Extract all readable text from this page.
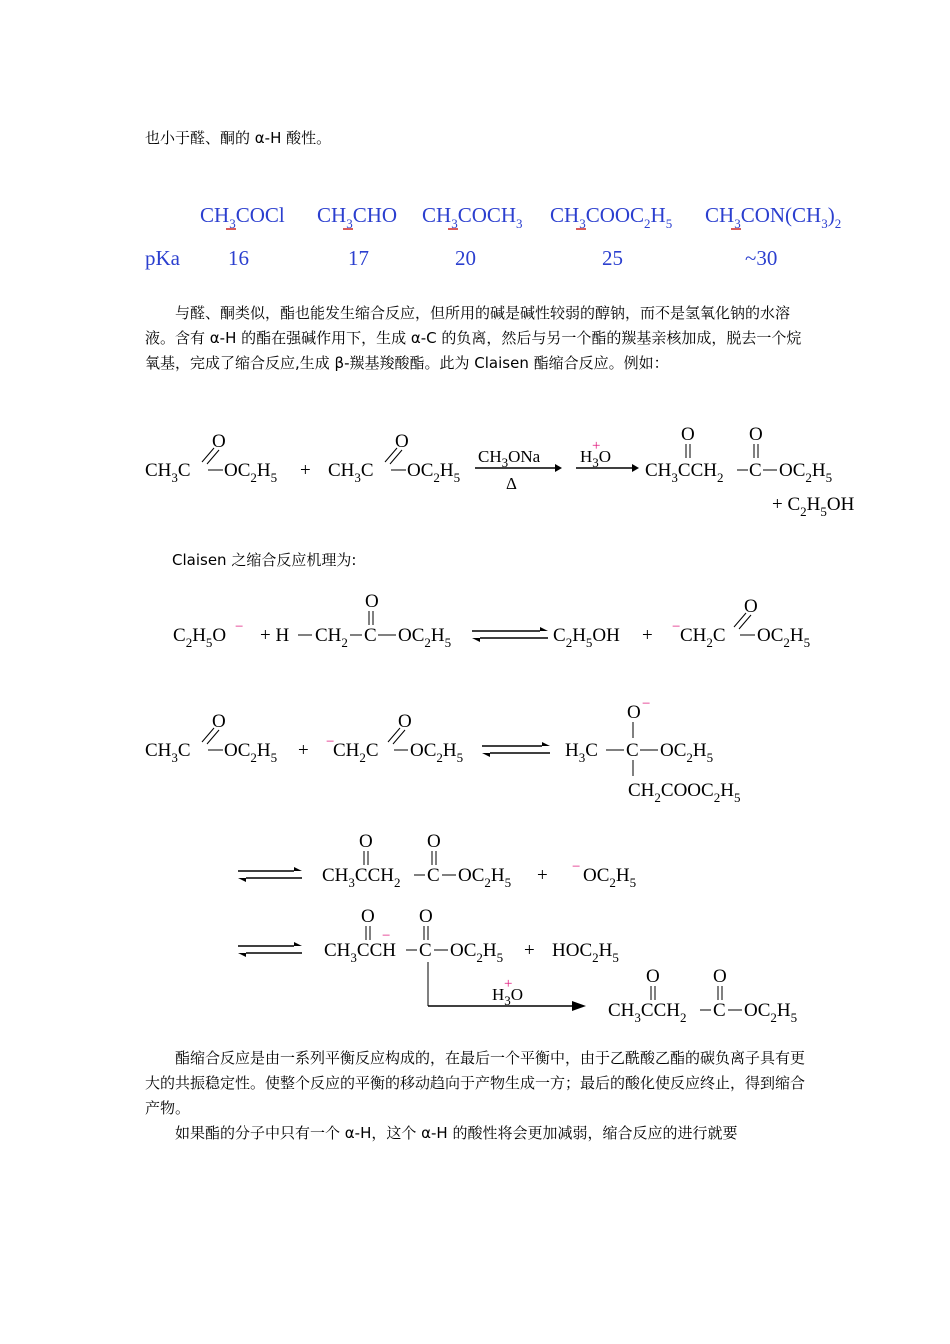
也小于醛、酮的 α-H 酸性。

$CH_3COCl$ $CH_3CHO$ $CH_3COCH_3$ $CH_3COOC_2H_5$ $CH_3CON(CH_3)_2$
pKa 16	17	20	25	~30

与醛、酮类似，酯也能发生缩合反应，但所用的碱是碱性较弱的醇钠，而不是氢氧化钠的水溶液。含有 α-H 的酯在强碱作用下，生成 α-C 的负离，然后与另一个酯的羰基亲核加成，脱去一个烷氧基，完成了缩合反应,生成 β-羰基羧酸酯。此为 Claisen 酯缩合反应。例如：

$CH_3C$
O
$OC_2H_5 + CH_3C$
O
$OC_2H_5$
$CH_3ONa$
Δ
$H_3O$
+
$CH_3CCH_2$
O
C
O
$OC_2H_5$
+ $C_2H_5OH$

Claisen 之缩合反应机理为:

$C_2H_5O$ − + H $CH_2$ C
O
$OC_2H_5$	$C_2H_5OH$ + − $CH_2C$
O
$OC_2H_5$
$CH_3C$
O
$OC_2H_5$ + −
$CH_2C$
O
$OC_2H_5$	$H_3C$ C
O −
$OC_2H_5$
$CH_2COOC_2H_5$
$CH_3CCH_2$
O
C
O
$OC_2H_5$ + − $OC_2H_5$
$CH_3CCH$
O
−
C
O
$OC_2H_5 + HOC_2H_5$
$H_3O$
+
$CH_3CCH_2$
O
C
O
$OC_2H_5$

酯缩合反应是由一系列平衡反应构成的，在最后一个平衡中，由于乙酰酸乙酯的碳负离子具有更大的共振稳定性。使整个反应的平衡的移动趋向于产物生成一方；最后的酸化使反应终止，得到缩合产物。

如果酯的分子中只有一个 α-H，这个 α-H 的酸性将会更加减弱，缩合反应的进行就要
